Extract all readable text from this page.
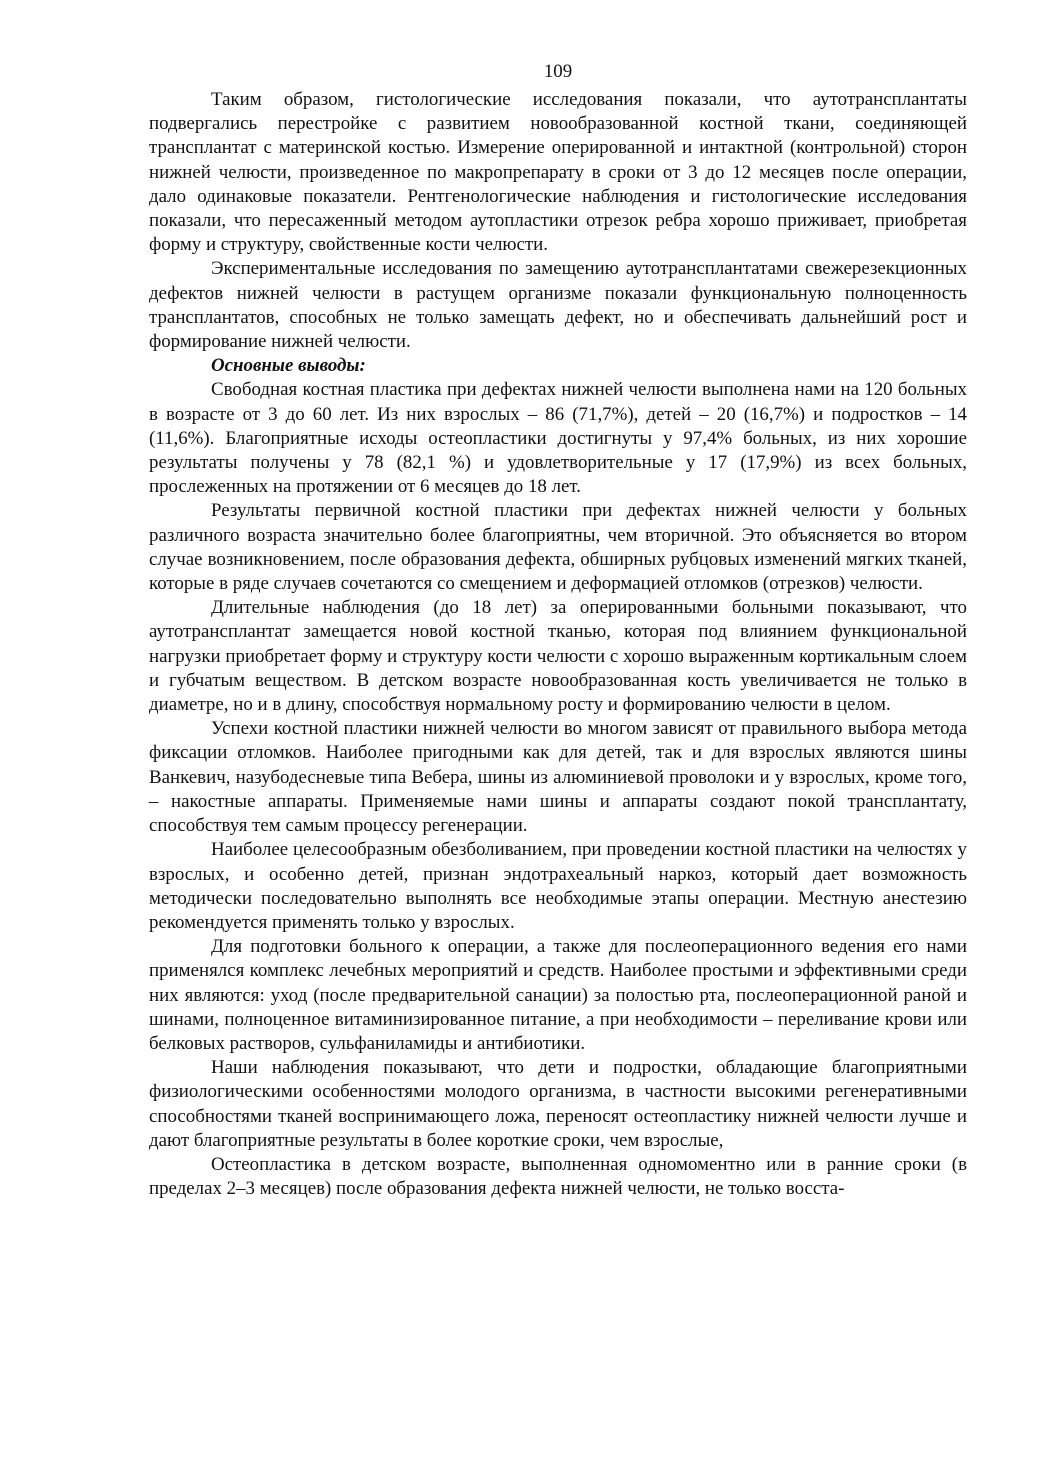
109

Таким образом, гистологические исследования показали, что аутотрансплантаты подвергались перестройке с развитием новообразованной костной ткани, соединяющей трансплантат с материнской костью. Измерение оперированной и интактной (контрольной) сторон нижней челюсти, произведенное по макропрепарату в сроки от 3 до 12 месяцев после операции, дало одинаковые показатели. Рентгенологические наблюдения и гистологические исследования показали, что пересаженный методом аутопластики отрезок ребра хорошо приживает, приобретая форму и структуру, свойственные кости челюсти.

Экспериментальные исследования по замещению аутотрансплантатами свежерезекционных дефектов нижней челюсти в растущем организме показали функциональную полноценность трансплантатов, способных не только замещать дефект, но и обеспечивать дальнейший рост и формирование нижней челюсти.

Основные выводы:

Свободная костная пластика при дефектах нижней челюсти выполнена нами на 120 больных в возрасте от 3 до 60 лет. Из них взрослых – 86 (71,7%), детей – 20 (16,7%) и подростков – 14 (11,6%). Благоприятные исходы остеопластики достигнуты у 97,4% больных, из них хорошие результаты получены у 78 (82,1 %) и удовлетворительные у 17 (17,9%) из всех больных, прослеженных на протяжении от 6 месяцев до 18 лет.

Результаты первичной костной пластики при дефектах нижней челюсти у больных различного возраста значительно более благоприятны, чем вторичной. Это объясняется во втором случае возникновением, после образования дефекта, обширных рубцовых изменений мягких тканей, которые в ряде случаев сочетаются со смещением и деформацией отломков (отрезков) челюсти.

Длительные наблюдения (до 18 лет) за оперированными больными показывают, что аутотрансплантат замещается новой костной тканью, которая под влиянием функциональной нагрузки приобретает форму и структуру кости челюсти с хорошо выраженным кортикальным слоем и губчатым веществом. В детском возрасте новообразованная кость увеличивается не только в диаметре, но и в длину, способствуя нормальному росту и формированию челюсти в целом.

Успехи костной пластики нижней челюсти во многом зависят от правильного выбора метода фиксации отломков. Наиболее пригодными как для детей, так и для взрослых являются шины Ванкевич, назубодесневые типа Вебера, шины из алюминиевой проволоки и у взрослых, кроме того, – накостные аппараты. Применяемые нами шины и аппараты создают покой трансплантату, способствуя тем самым процессу регенерации.

Наиболее целесообразным обезболиванием, при проведении костной пластики на челюстях у взрослых, и особенно детей, признан эндотрахеальный наркоз, который дает возможность методически последовательно выполнять все необходимые этапы операции. Местную анестезию рекомендуется применять только у взрослых.

Для подготовки больного к операции, а также для послеоперационного ведения его нами применялся комплекс лечебных мероприятий и средств. Наиболее простыми и эффективными среди них являются: уход (после предварительной санации) за полостью рта, послеоперационной раной и шинами, полноценное витаминизированное питание, а при необходимости – переливание крови или белковых растворов, сульфаниламиды и антибиотики.

Наши наблюдения показывают, что дети и подростки, обладающие благоприятными физиологическими особенностями молодого организма, в частности высокими регенеративными способностями тканей воспринимающего ложа, переносят остеопластику нижней челюсти лучше и дают благоприятные результаты в более короткие сроки, чем взрослые,

Остеопластика в детском возрасте, выполненная одномоментно или в ранние сроки (в пределах 2–3 месяцев) после образования дефекта нижней челюсти, не только восста-
